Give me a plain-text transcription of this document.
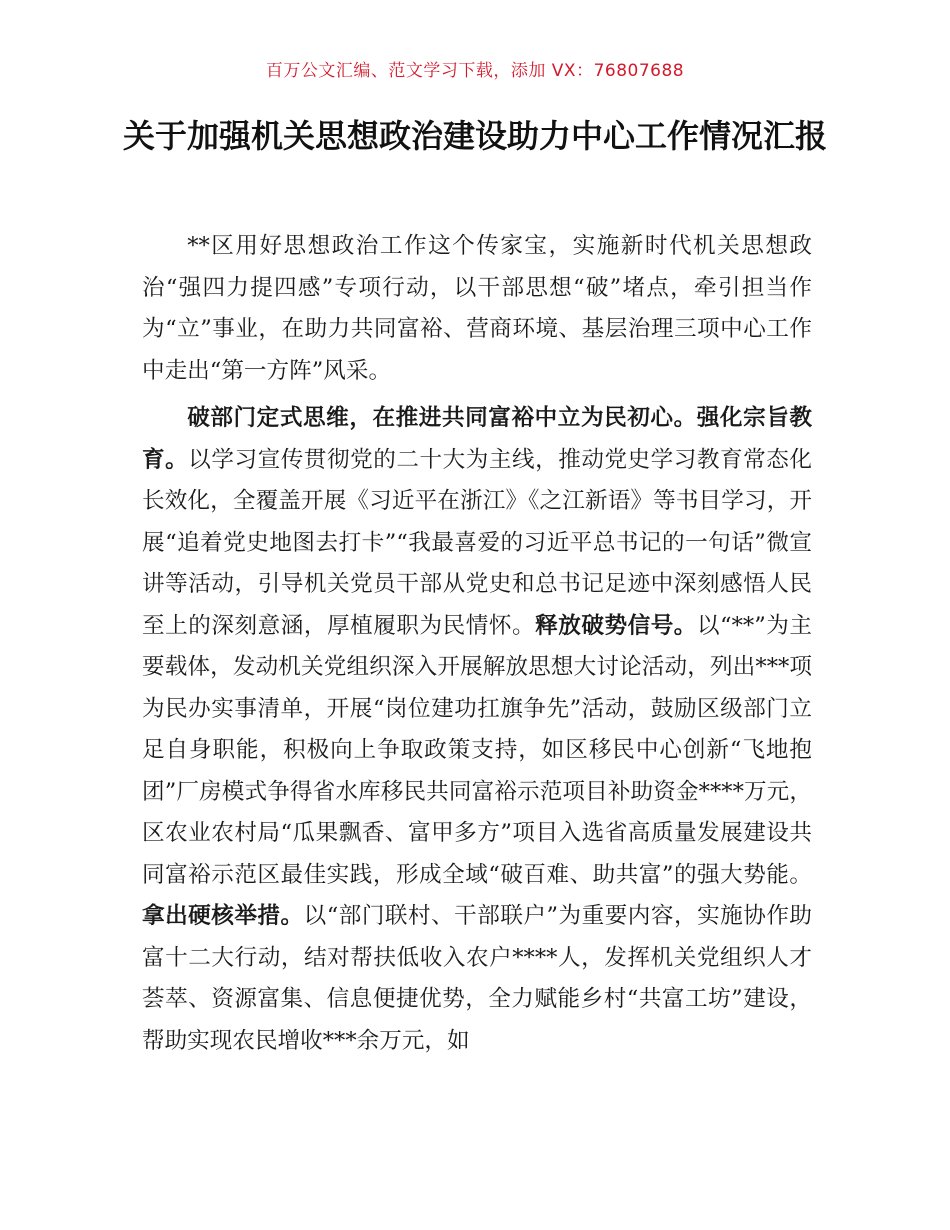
百万公文汇编、范文学习下载，添加 VX：76807688
关于加强机关思想政治建设助力中心工作情况汇报

**区用好思想政治工作这个传家宝，实施新时代机关思想政治“强四力提四感”专项行动，以干部思想“破”堵点，牵引担当作为“立”事业，在助力共同富裕、营商环境、基层治理三项中心工作中走出“第一方阵”风采。

破部门定式思维，在推进共同富裕中立为民初心。强化宗旨教育。以学习宣传贯彻党的二十大为主线，推动党史学习教育常态化长效化，全覆盖开展《习近平在浙江》《之江新语》等书目学习，开展“追着党史地图去打卡”“我最喜爱的习近平总书记的一句话”微宣讲等活动，引导机关党员干部从党史和总书记足迹中深刻感悟人民至上的深刻意涵，厚植履职为民情怀。释放破势信号。以“**”为主要载体，发动机关党组织深入开展解放思想大讨论活动，列出***项为民办实事清单，开展“岗位建功扛旗争先”活动，鼓励区级部门立足自身职能，积极向上争取政策支持，如区移民中心创新“飞地抱团”厂房模式争得省水库移民共同富裕示范项目补助资金****万元，区农业农村局“瓜果飘香、富甲多方”项目入选省高质量发展建设共同富裕示范区最佳实践，形成全域“破百难、助共富”的强大势能。拿出硬核举措。以“部门联村、干部联户”为重要内容，实施协作助富十二大行动，结对帮扶低收入农户****人，发挥机关党组织人才荟萃、资源富集、信息便捷优势，全力赋能乡村“共富工坊”建设，帮助实现农民增收***余万元，如
